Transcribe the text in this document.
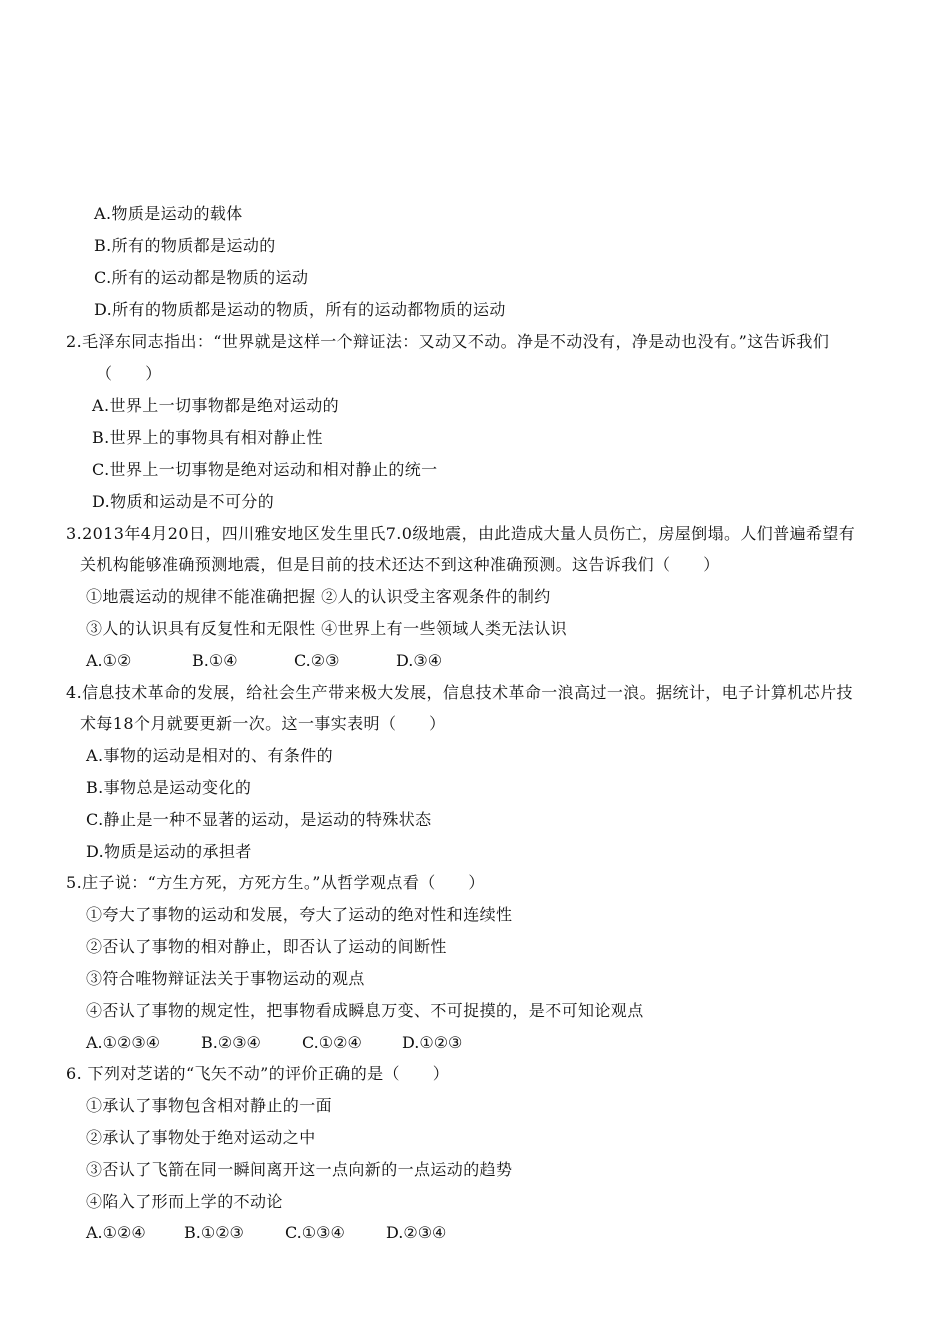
A.物质是运动的载体
B.所有的物质都是运动的
C.所有的运动都是物质的运动
D.所有的物质都是运动的物质，所有的运动都物质的运动
2.毛泽东同志指出：“世界就是这样一个辩证法：又动又不动。净是不动没有，净是动也没有。”这告诉我们
（　　）
A.世界上一切事物都是绝对运动的
B.世界上的事物具有相对静止性
C.世界上一切事物是绝对运动和相对静止的统一
D.物质和运动是不可分的
3.2013年4月20日，四川雅安地区发生里氏7.0级地震，由此造成大量人员伤亡，房屋倒塌。人们普遍希望有
关机构能够准确预测地震，但是目前的技术还达不到这种准确预测。这告诉我们（　　）
①地震运动的规律不能准确把握 ②人的认识受主客观条件的制约
③人的认识具有反复性和无限性 ④世界上有一些领域人类无法认识
A.①②	B.①④	C.②③	D.③④
4.信息技术革命的发展，给社会生产带来极大发展，信息技术革命一浪高过一浪。据统计，电子计算机芯片技
术每18个月就要更新一次。这一事实表明（　　）
A.事物的运动是相对的、有条件的
B.事物总是运动变化的
C.静止是一种不显著的运动，是运动的特殊状态
D.物质是运动的承担者
5.庄子说：“方生方死，方死方生。”从哲学观点看（　　）
①夸大了事物的运动和发展，夸大了运动的绝对性和连续性
②否认了事物的相对静止，即否认了运动的间断性
③符合唯物辩证法关于事物运动的观点
④否认了事物的规定性，把事物看成瞬息万变、不可捉摸的，是不可知论观点
A.①②③④	B.②③④	C.①②④	D.①②③
6. 下列对芝诺的“飞矢不动”的评价正确的是（　　）
①承认了事物包含相对静止的一面
②承认了事物处于绝对运动之中
③否认了飞箭在同一瞬间离开这一点向新的一点运动的趋势
④陷入了形而上学的不动论
A.①②④ B.①②③	C.①③④	D.②③④
